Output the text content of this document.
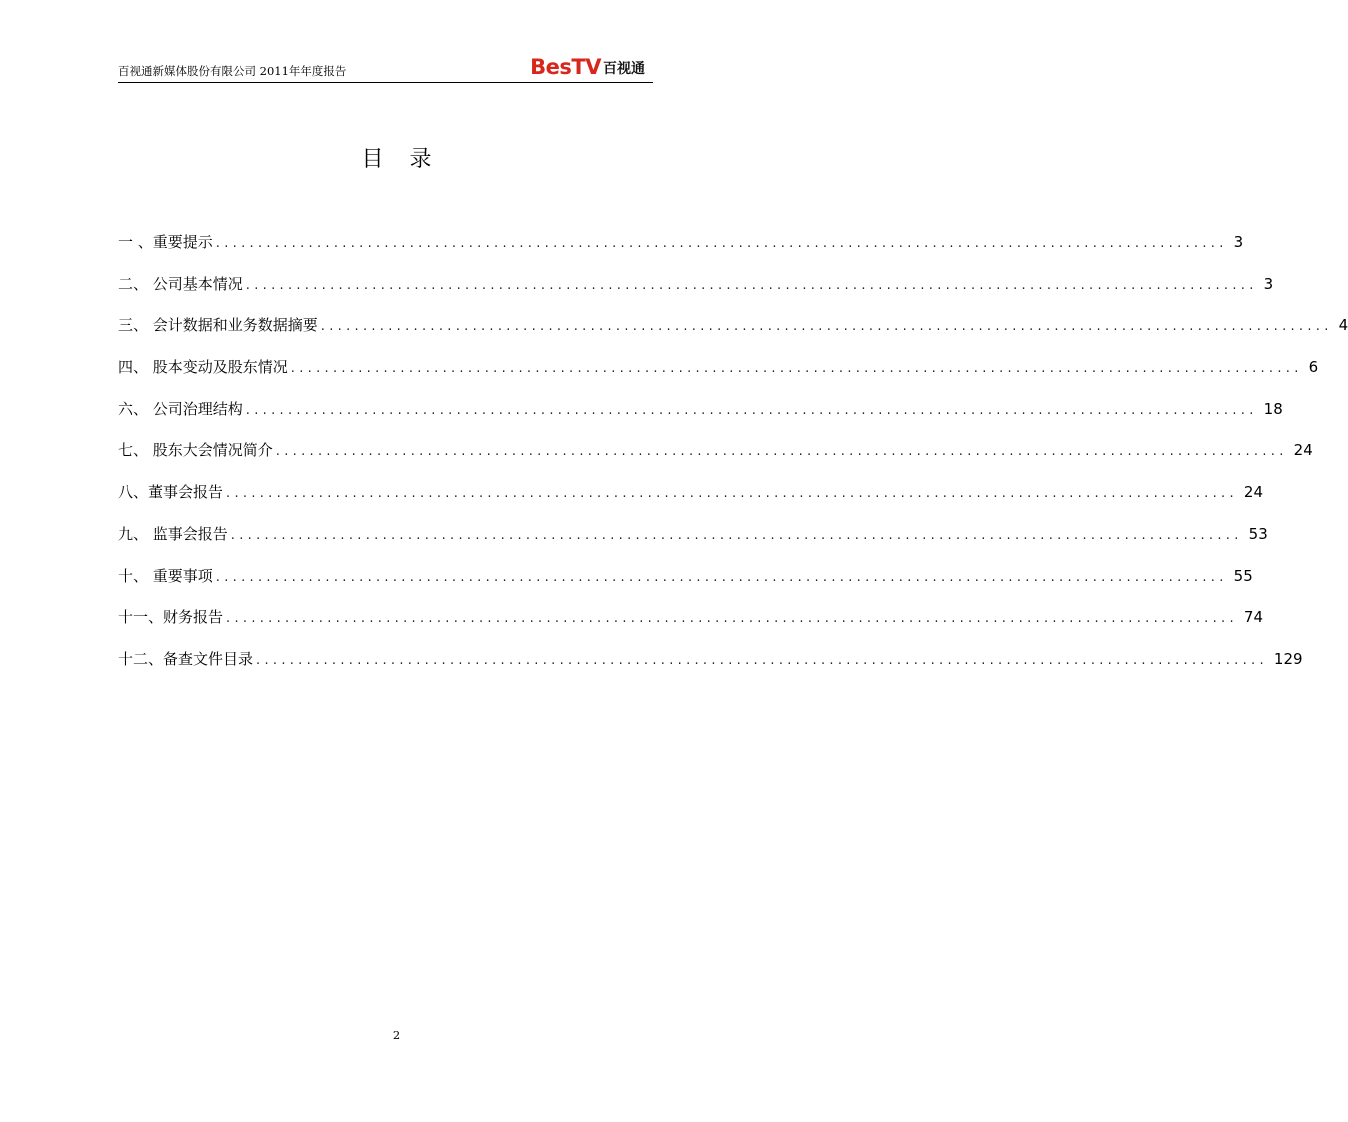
百视通新媒体股份有限公司 2011年年度报告	BesTV 百视通
目录
一 、重要提示 ........................................................................................................................ 3
二、 公司基本情况 ........................................................................................................................ 3
三、 会计数据和业务数据摘要 ........................................................................................................................ 4
四、 股本变动及股东情况 ........................................................................................................................ 6
六、 公司治理结构 ........................................................................................................................ 18
七、 股东大会情况简介 ........................................................................................................................ 24
八、董事会报告 ........................................................................................................................ 24
九、 监事会报告 ........................................................................................................................ 53
十、 重要事项 ........................................................................................................................ 55
十一、财务报告 ........................................................................................................................ 74
十二、备查文件目录 ........................................................................................................................ 129
2
